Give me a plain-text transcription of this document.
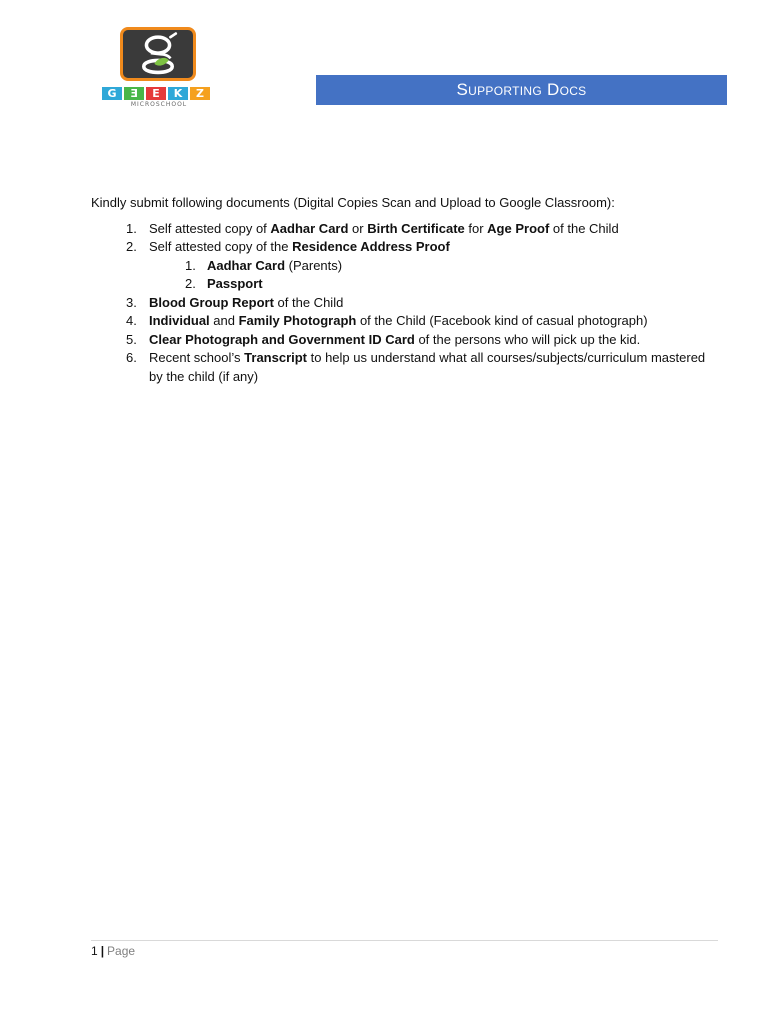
G	Ǝ	E	K	Z
MICROSCHOOL
Supporting Docs

Kindly submit following documents (Digital Copies Scan and Upload to Google Classroom):

1. Self attested copy of Aadhar Card or Birth Certificate for Age Proof of the Child
2. Self attested copy of the Residence Address Proof
1. Aadhar Card (Parents)
2. Passport
3. Blood Group Report of the Child
4. Individual and Family Photograph of the Child (Facebook kind of casual photograph)
5. Clear Photograph and Government ID Card of the persons who will pick up the kid.
6. Recent school’s Transcript to help us understand what all courses/subjects/curriculum mastered by the child (if any)
1 | Page
